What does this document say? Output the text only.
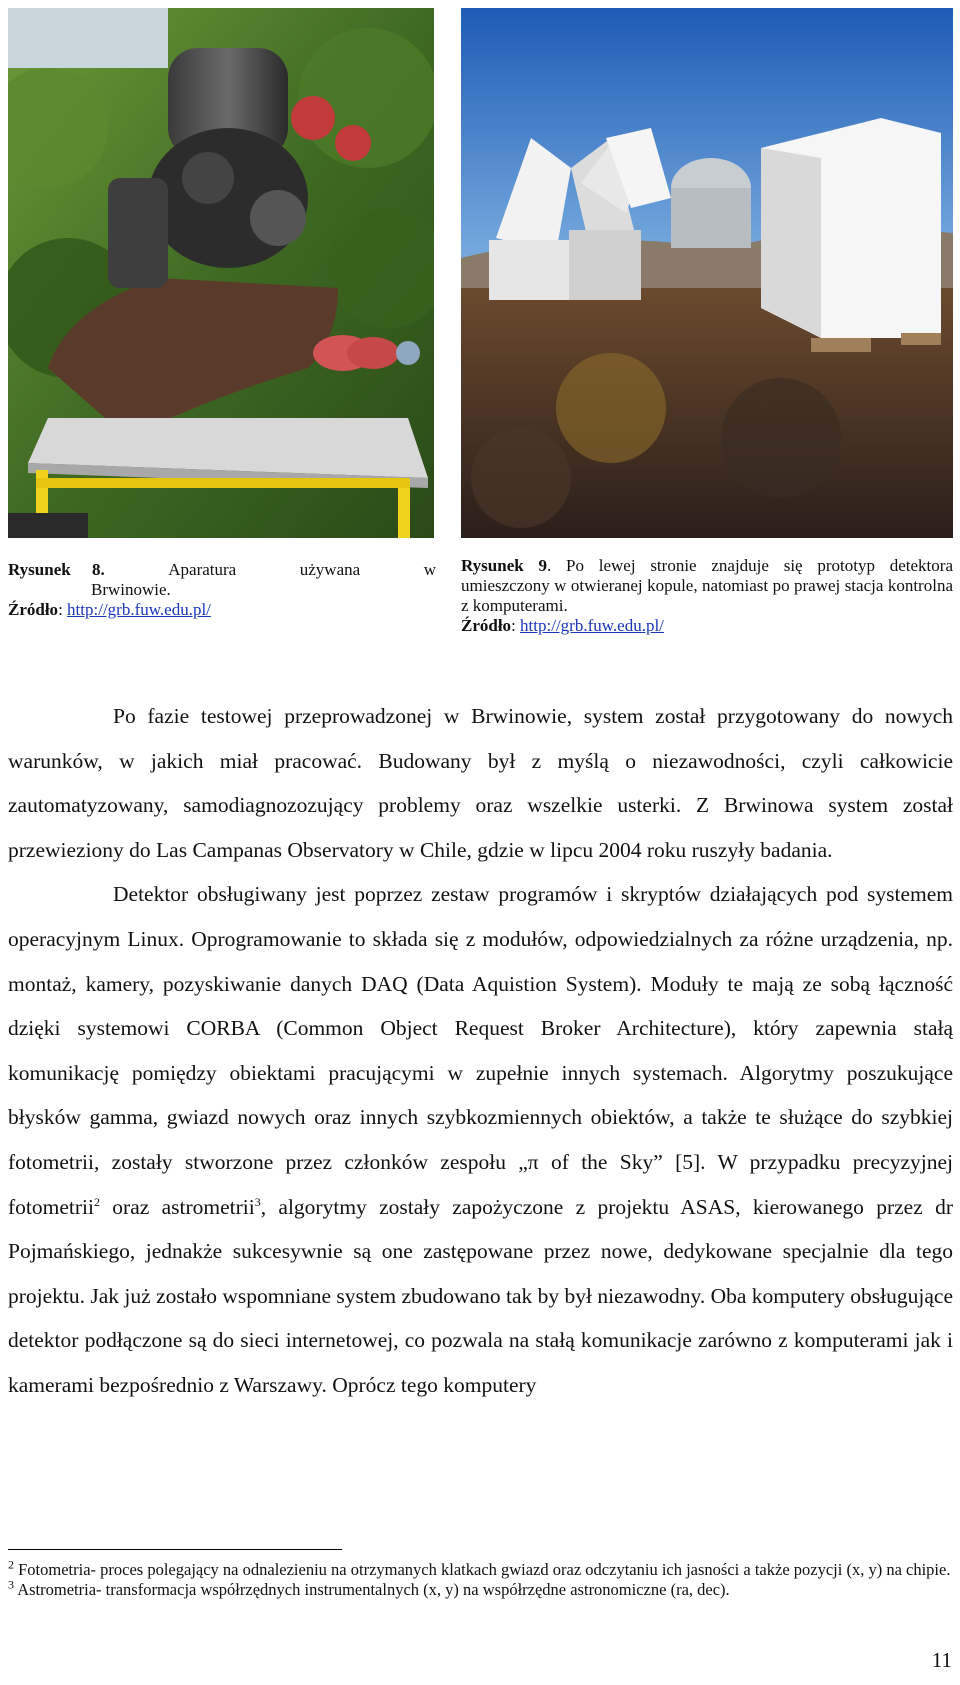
Rysunek 8.	Aparatura	używana	w
Brwinowie.
Źródło: http://grb.fuw.edu.pl/
Rysunek 9. Po lewej stronie znajduje się prototyp detektora umieszczony w otwieranej kopule, natomiast po prawej stacja kontrolna z komputerami.
Źródło: http://grb.fuw.edu.pl/

Po fazie testowej przeprowadzonej w Brwinowie, system został przygotowany do nowych warunków, w jakich miał pracować. Budowany był z myślą o niezawodności, czyli całkowicie zautomatyzowany, samodiagnozozujący problemy oraz wszelkie usterki. Z Brwinowa system został przewieziony do Las Campanas Observatory w Chile, gdzie w lipcu 2004 roku ruszyły badania.

Detektor obsługiwany jest poprzez zestaw programów i skryptów działających pod systemem operacyjnym Linux. Oprogramowanie to składa się z modułów, odpowiedzialnych za różne urządzenia, np. montaż, kamery, pozyskiwanie danych DAQ (Data Aquistion System). Moduły te mają ze sobą łączność dzięki systemowi CORBA (Common Object Request Broker Architecture), który zapewnia stałą komunikację pomiędzy obiektami pracującymi w zupełnie innych systemach. Algorytmy poszukujące błysków gamma, gwiazd nowych oraz innych szybkozmiennych obiektów, a także te służące do szybkiej fotometrii, zostały stworzone przez członków zespołu „π of the Sky” [5]. W przypadku precyzyjnej fotometrii$^2$ oraz astrometrii$^3$, algorytmy zostały zapożyczone z projektu ASAS, kierowanego przez dr Pojmańskiego, jednakże sukcesywnie są one zastępowane przez nowe, dedykowane specjalnie dla tego projektu. Jak już zostało wspomniane system zbudowano tak by był niezawodny. Oba komputery obsługujące detektor podłączone są do sieci internetowej, co pozwala na stałą komunikacje zarówno z komputerami jak i kamerami bezpośrednio z Warszawy. Oprócz tego komputery

$^2$ Fotometria- proces polegający na odnalezieniu na otrzymanych klatkach gwiazd oraz odczytaniu ich jasności a także pozycji (x, y) na chipie.
$^3$ Astrometria- transformacja współrzędnych instrumentalnych (x, y) na współrzędne astronomiczne (ra, dec).
11
